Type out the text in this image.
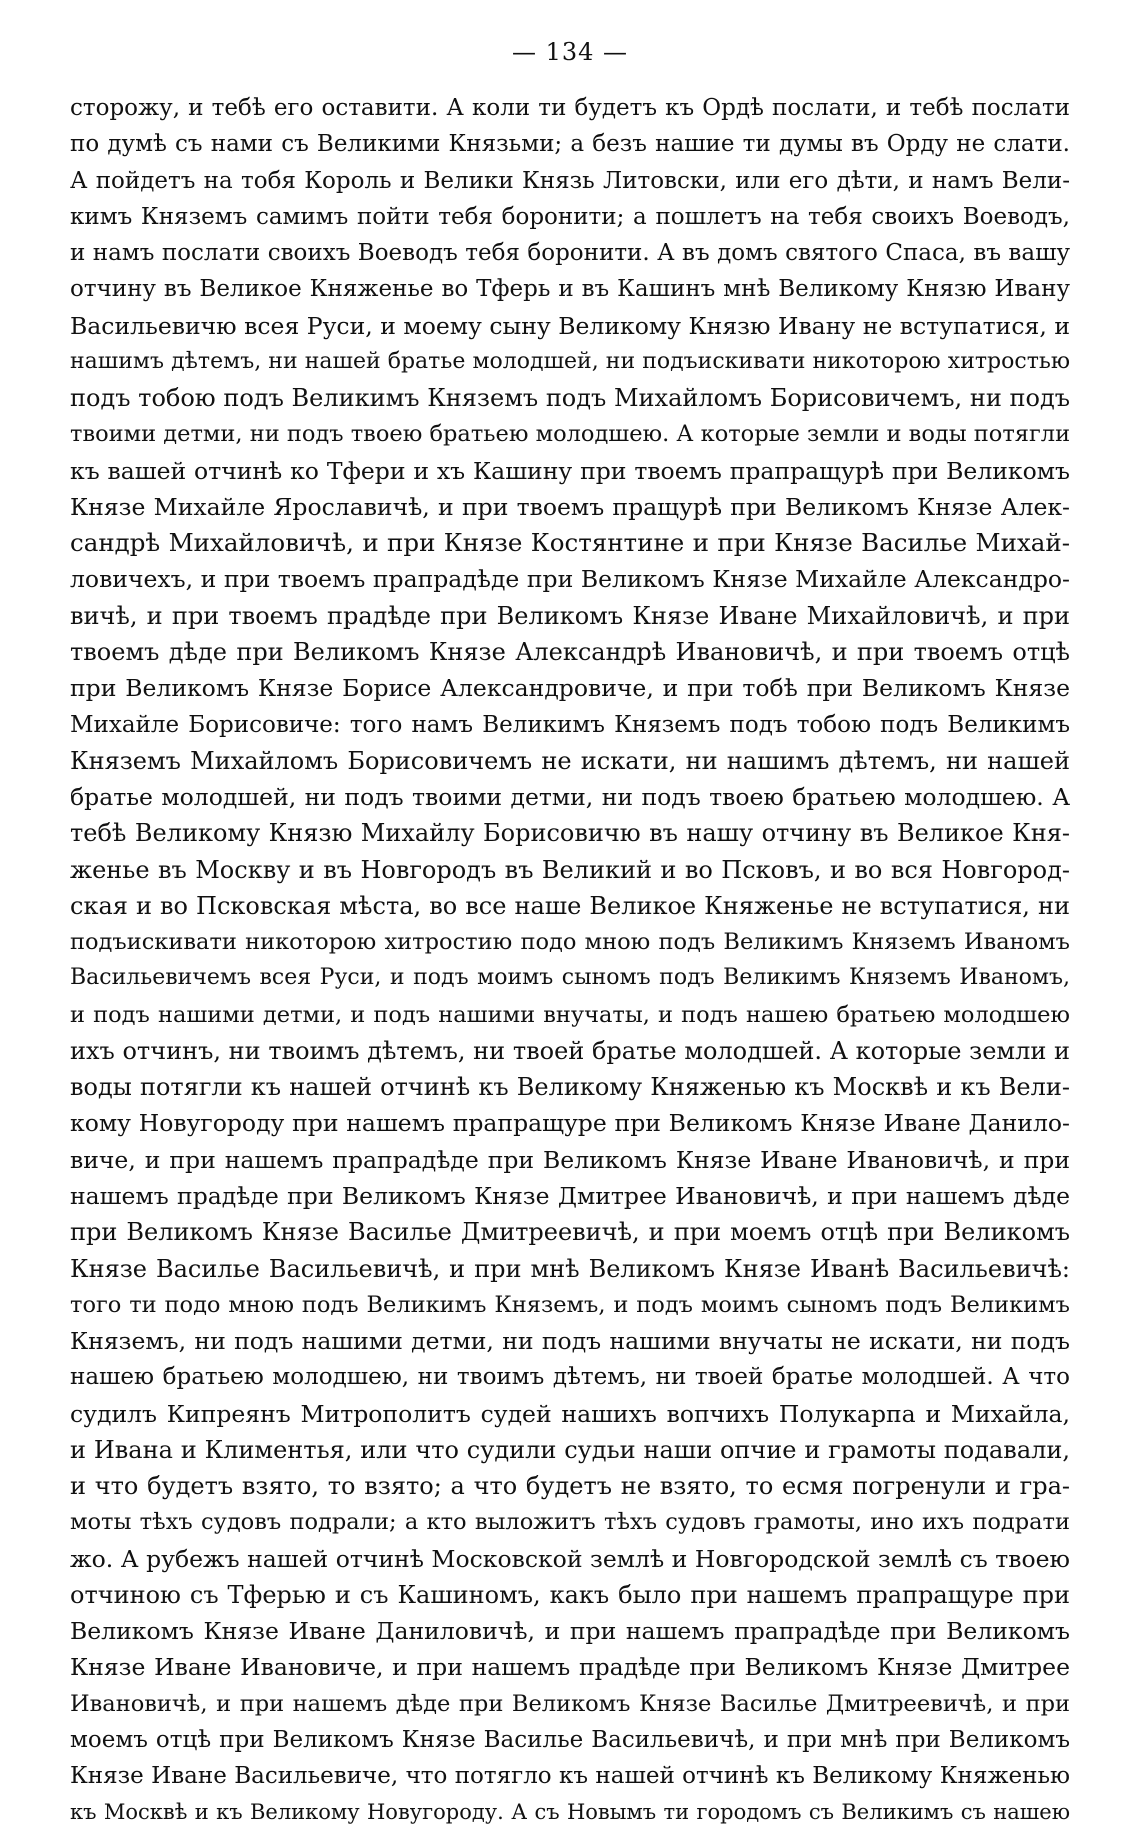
— 134 —
сторожу, и тебѣ его оставити. А коли ти будетъ къ Ордѣ послати, и тебѣ послати
по думѣ съ нами съ Великими Князьми; а безъ нашие ти думы въ Орду не слати.
А пойдетъ на тобя Король и Велики Князь Литовски, или его дѣти, и намъ Вели-
кимъ Княземъ самимъ пойти тебя боронити; а пошлетъ на тебя своихъ Воеводъ,
и намъ послати своихъ Воеводъ тебя боронити. А въ домъ святого Спаса, въ вашу
отчину въ Великое Княженье во Тферь и въ Кашинъ мнѣ Великому Князю Ивану
Васильевичю всея Руси, и моему сыну Великому Князю Ивану не вступатися, и
нашимъ дѣтемъ, ни нашей братье молодшей, ни подъискивати никоторою хитростью
подъ тобою подъ Великимъ Княземъ подъ Михайломъ Борисовичемъ, ни подъ
твоими детми, ни подъ твоею братьею молодшею. А которые земли и воды потягли
къ вашей отчинѣ ко Тфери и хъ Кашину при твоемъ прапращурѣ при Великомъ
Князе Михайле Ярославичѣ, и при твоемъ пращурѣ при Великомъ Князе Алек-
сандрѣ Михайловичѣ, и при Князе Костянтине и при Князе Василье Михай-
ловичехъ, и при твоемъ прапрадѣде при Великомъ Князе Михайле Александро-
вичѣ, и при твоемъ прадѣде при Великомъ Князе Иване Михайловичѣ, и при
твоемъ дѣде при Великомъ Князе Александрѣ Ивановичѣ, и при твоемъ отцѣ
при Великомъ Князе Борисе Александровиче, и при тобѣ при Великомъ Князе
Михайле Борисовиче: того намъ Великимъ Княземъ подъ тобою подъ Великимъ
Княземъ Михайломъ Борисовичемъ не искати, ни нашимъ дѣтемъ, ни нашей
братье молодшей, ни подъ твоими детми, ни подъ твоею братьею молодшею. А
тебѣ Великому Князю Михайлу Борисовичю въ нашу отчину въ Великое Кня-
женье въ Москву и въ Новгородъ въ Великий и во Псковъ, и во вся Новгород-
ская и во Псковская мѣста, во все наше Великое Княженье не вступатися, ни
подъискивати никоторою хитростию подо мною подъ Великимъ Княземъ Иваномъ
Васильевичемъ всея Руси, и подъ моимъ сыномъ подъ Великимъ Княземъ Иваномъ,
и подъ нашими детми, и подъ нашими внучаты, и подъ нашею братьею молодшею
ихъ отчинъ, ни твоимъ дѣтемъ, ни твоей братье молодшей. А которые земли и
воды потягли къ нашей отчинѣ къ Великому Княженью къ Москвѣ и къ Вели-
кому Новугороду при нашемъ прапращуре при Великомъ Князе Иване Данило-
виче, и при нашемъ прапрадѣде при Великомъ Князе Иване Ивановичѣ, и при
нашемъ прадѣде при Великомъ Князе Дмитрее Ивановичѣ, и при нашемъ дѣде
при Великомъ Князе Василье Дмитреевичѣ, и при моемъ отцѣ при Великомъ
Князе Василье Васильевичѣ, и при мнѣ Великомъ Князе Иванѣ Васильевичѣ:
того ти подо мною подъ Великимъ Княземъ, и подъ моимъ сыномъ подъ Великимъ
Княземъ, ни подъ нашими детми, ни подъ нашими внучаты не искати, ни подъ
нашею братьею молодшею, ни твоимъ дѣтемъ, ни твоей братье молодшей. А что
судилъ Кипреянъ Митрополитъ судей нашихъ вопчихъ Полукарпа и Михайла,
и Ивана и Климентья, или что судили судьи наши опчие и грамоты подавали,
и что будетъ взято, то взято; а что будетъ не взято, то есмя погренули и гра-
моты тѣхъ судовъ подрали; а кто выложитъ тѣхъ судовъ грамоты, ино ихъ подрати
жо. А рубежъ нашей отчинѣ Московской землѣ и Новгородской землѣ съ твоею
отчиною съ Тферью и съ Кашиномъ, какъ было при нашемъ прапращуре при
Великомъ Князе Иване Даниловичѣ, и при нашемъ прапрадѣде при Великомъ
Князе Иване Ивановиче, и при нашемъ прадѣде при Великомъ Князе Дмитрее
Ивановичѣ, и при нашемъ дѣде при Великомъ Князе Василье Дмитреевичѣ, и при
моемъ отцѣ при Великомъ Князе Василье Васильевичѣ, и при мнѣ при Великомъ
Князе Иване Васильевиче, что потягло къ нашей отчинѣ къ Великому Княженью
къ Москвѣ и къ Великому Новугороду. А съ Новымъ ти городомъ съ Великимъ съ нашею
